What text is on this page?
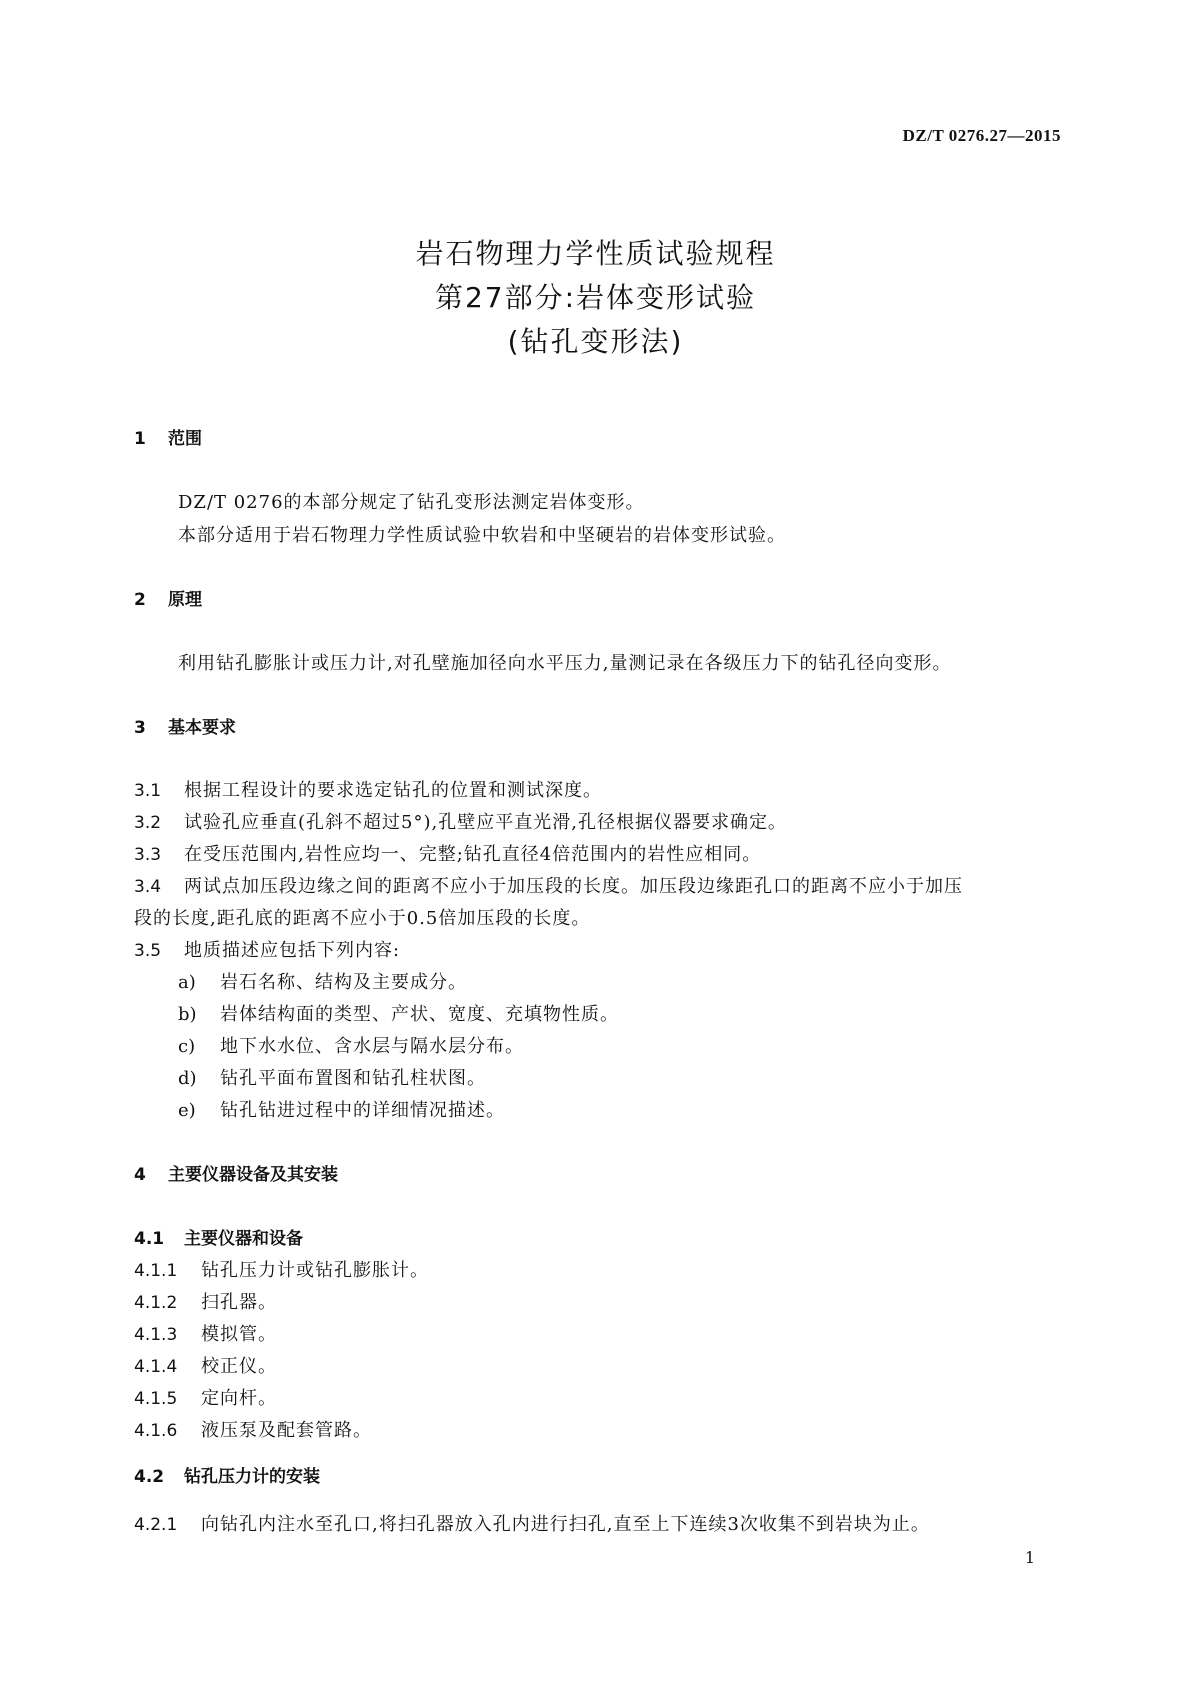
DZ/T 0276.27—2015
岩石物理力学性质试验规程
第27部分:岩体变形试验
(钻孔变形法)
1 范围
DZ/T 0276的本部分规定了钻孔变形法测定岩体变形。
本部分适用于岩石物理力学性质试验中软岩和中坚硬岩的岩体变形试验。
2 原理
利用钻孔膨胀计或压力计,对孔壁施加径向水平压力,量测记录在各级压力下的钻孔径向变形。
3 基本要求
3.1 根据工程设计的要求选定钻孔的位置和测试深度。
3.2 试验孔应垂直(孔斜不超过5°),孔壁应平直光滑,孔径根据仪器要求确定。
3.3 在受压范围内,岩性应均一、完整;钻孔直径4倍范围内的岩性应相同。
3.4 两试点加压段边缘之间的距离不应小于加压段的长度。加压段边缘距孔口的距离不应小于加压
段的长度,距孔底的距离不应小于0.5倍加压段的长度。
3.5 地质描述应包括下列内容:
a) 岩石名称、结构及主要成分。
b) 岩体结构面的类型、产状、宽度、充填物性质。
c) 地下水水位、含水层与隔水层分布。
d) 钻孔平面布置图和钻孔柱状图。
e) 钻孔钻进过程中的详细情况描述。
4 主要仪器设备及其安装
4.1 主要仪器和设备
4.1.1 钻孔压力计或钻孔膨胀计。
4.1.2 扫孔器。
4.1.3 模拟管。
4.1.4 校正仪。
4.1.5 定向杆。
4.1.6 液压泵及配套管路。
4.2 钻孔压力计的安装
4.2.1 向钻孔内注水至孔口,将扫孔器放入孔内进行扫孔,直至上下连续3次收集不到岩块为止。
1
